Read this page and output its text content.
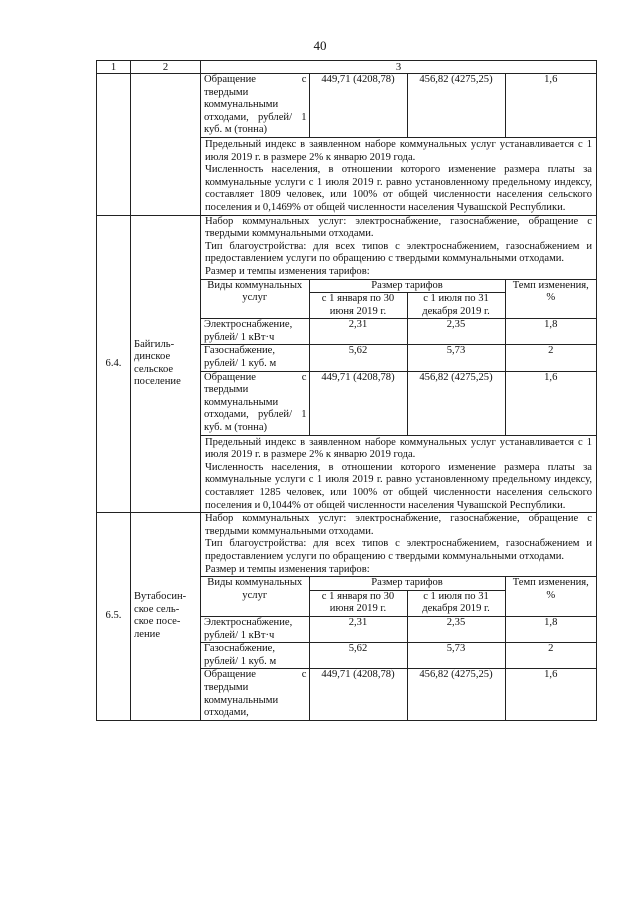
40
1	2	3

Обращение с твердыми коммунальными отходами, рублей/ 1 куб. м (тонна)	449,71 (4208,78)	456,82 (4275,25)	1,6
Предельный индекс в заявленном наборе коммунальных услуг устанавливается с 1 июля 2019 г. в размере 2% к январю 2019 года.
Численность населения, в отношении которого изменение размера платы за коммунальные услуги с 1 июля 2019 г. равно установленному предельному индексу, составляет 1809 человек, или 100% от общей численности населения сельского поселения и 0,1469% от общей численности населения Чувашской Республики.

6.4.	Байгиль-динское сельское поселение	
Набор коммунальных услуг: электроснабжение, газоснабжение, обращение с твердыми коммунальными отходами.
Тип благоустройства: для всех типов с электроснабжением, газоснабжением и предоставлением услуги по обращению с твердыми коммунальными отходами.
Размер и темпы изменения тарифов:
Виды коммунальных услуг	Размер тарифов	Темп изменения, %
с 1 января по 30 июня 2019 г.	с 1 июля по 31 декабря 2019 г.
Электроснабжение, рублей/ 1 кВт·ч	2,31	2,35	1,8
Газоснабжение, рублей/ 1 куб. м	5,62	5,73	2
Обращение с твердыми коммунальными отходами, рублей/ 1 куб. м (тонна)	449,71 (4208,78)	456,82 (4275,25)	1,6
Предельный индекс в заявленном наборе коммунальных услуг устанавливается с 1 июля 2019 г. в размере 2% к январю 2019 года.
Численность населения, в отношении которого изменение размера платы за коммунальные услуги с 1 июля 2019 г. равно установленному предельному индексу, составляет 1285 человек, или 100% от общей численности населения сельского поселения и 0,1044% от общей численности населения Чувашской Республики.

6.5.	Вутабосин-ское сель-ское посе-ление	
Набор коммунальных услуг: электроснабжение, газоснабжение, обращение с твердыми коммунальными отходами.
Тип благоустройства: для всех типов с электроснабжением, газоснабжением и предоставлением услуги по обращению с твердыми коммунальными отходами.
Размер и темпы изменения тарифов:
Виды коммунальных услуг	Размер тарифов	Темп изменения, %
с 1 января по 30 июня 2019 г.	с 1 июля по 31 декабря 2019 г.
Электроснабжение, рублей/ 1 кВт·ч	2,31	2,35	1,8
Газоснабжение, рублей/ 1 куб. м	5,62	5,73	2
Обращение с твердыми коммунальными отходами,	449,71 (4208,78)	456,82 (4275,25)	1,6
